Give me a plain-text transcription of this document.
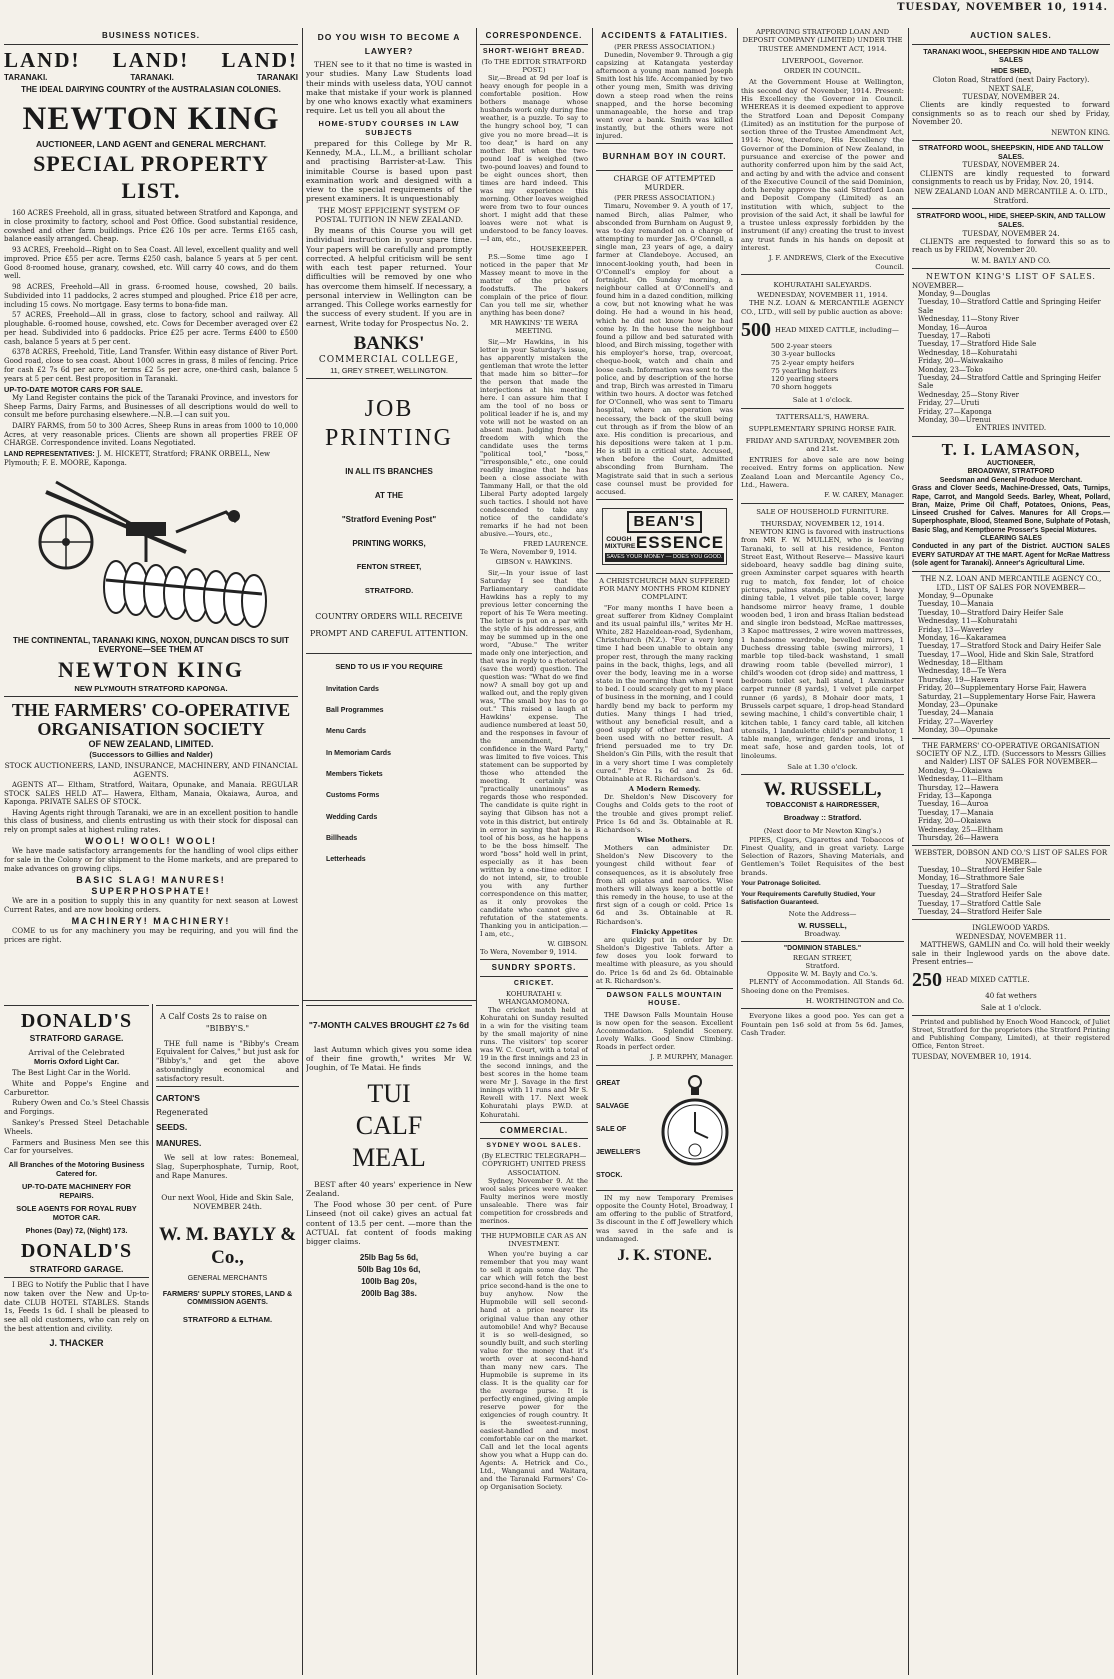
TUESDAY, NOVEMBER 10, 1914.
BUSINESS NOTICES.
LAND! LAND! LAND!
TARANAKI.	TARANAKI.	TARANAKI
THE IDEAL DAIRYING COUNTRY of the AUSTRALASIAN COLONIES.
NEWTON KING
AUCTIONEER, LAND AGENT and GENERAL MERCHANT.
SPECIAL PROPERTY LIST.

160 ACRES Freehold, all in grass, situated between Stratford and Kaponga, and in close proximity to factory, school and Post Office. Good substantial residence, cowshed and other farm buildings. Price £26 10s per acre. Terms £165 cash, balance easily arranged. Cheap.

93 ACRES, Freehold—Right on to Sea Coast. All level, excellent quality and well improved. Price £55 per acre. Terms £250 cash, balance 5 years at 5 per cent. Good 8-roomed house, granary, cowshed, etc. Will carry 40 cows, and do them well.

98 ACRES, Freehold—All in grass. 6-roomed house, cowshed, 20 bails. Subdivided into 11 paddocks, 2 acres stumped and ploughed. Price £18 per acre, including 15 cows. No mortgage. Easy terms to bona-fide man.

57 ACRES, Freehold—All in grass, close to factory, school and railway. All ploughable. 6-roomed house, cowshed, etc. Cows for December averaged over £2 per head. Subdivided into 6 paddocks. Price £25 per acre. Terms £400 to £500 cash, balance 5 years at 5 per cent.

6378 ACRES, Freehold, Title, Land Transfer. Within easy distance of River Port. Good road, close to sea coast. About 1000 acres in grass, 8 miles of fencing. Price for cash £2 7s 6d per acre, or terms £2 5s per acre, one-third cash, balance 5 years at 5 per cent. Best proposition in Taranaki.

UP-TO-DATE MOTOR CARS FOR SALE.

My Land Register contains the pick of the Taranaki Province, and investors for Sheep Farms, Dairy Farms, and Businesses of all descriptions would do well to consult me before purchasing elsewhere.—N.B.—I can suit you.

DAIRY FARMS, from 50 to 300 Acres, Sheep Runs in areas from 1000 to 10,000 Acres, at very reasonable prices. Clients are shown all properties FREE OF CHARGE. Correspondence invited. Loans Negotiated.

LAND REPRESENTATIVES: J. M. HICKETT, Stratford; FRANK ORBELL, New Plymouth; F. E. MOORE, Kaponga.
THE CONTINENTAL, TARANAKI KING, NOXON, DUNCAN DISCS TO SUIT EVERYONE—SEE THEM AT
NEWTON KING
NEW PLYMOUTH STRATFORD KAPONGA.
THE FARMERS' CO-OPERATIVE ORGANISATION SOCIETY
OF NEW ZEALAND, LIMITED.
(Successors to Gillies and Nalder)
STOCK AUCTIONEERS, LAND, INSURANCE, MACHINERY, AND FINANCIAL AGENTS.

AGENTS AT— Eltham, Stratford, Waitara, Opunake, and Manaia. REGULAR STOCK SALES HELD AT— Hawera, Eltham, Manaia, Okaiawa, Auroa, and Kaponga. PRIVATE SALES OF STOCK.

Having Agents right through Taranaki, we are in an excellent position to handle this class of business, and clients entrusting us with their stock for disposal can rely on prompt sales at highest ruling rates.

WOOL! WOOL! WOOL!

We have made satisfactory arrangements for the handling of wool clips either for sale in the Colony or for shipment to the Home markets, and are prepared to make advances on growing clips.

BASIC SLAG! MANURES!
SUPERPHOSPHATE!

We are in a position to supply this in any quantity for next season at Lowest Current Rates, and are now booking orders.

MACHINERY! MACHINERY!

COME to us for any machinery you may be requiring, and you will find the prices are right.

DONALD'S
STRATFORD GARAGE.
Arrival of the Celebrated
Morris Oxford Light Car.

The Best Light Car in the World.

White and Poppe's Engine and Carburettor.

Rubery Owen and Co.'s Steel Chassis and Forgings.

Sankey's Pressed Steel Detachable Wheels.

Farmers and Business Men see this Car for yourselves.

All Branches of the Motoring Business Catered for.
UP-TO-DATE MACHINERY FOR REPAIRS.
SOLE AGENTS FOR ROYAL RUBY MOTOR CAR.
Phones (Day) 72, (Night) 173.
DONALD'S
STRATFORD GARAGE.

I BEG to Notify the Public that I have now taken over the New and Up-to-date CLUB HOTEL STABLES. Stands 1s, Feeds 1s 6d. I shall be pleased to see all old customers, who can rely on the best attention and civility.

J. THACKER
A Calf Costs 2s to raise on
"BIBBY'S."

THE full name is "Bibby's Cream Equivalent for Calves," but just ask for "Bibby's," and get the above astoundingly economical and satisfactory result.

CARTON'S
Regenerated
SEEDS.
MANURES.

We sell at low rates: Bonemeal, Slag, Superphosphate, Turnip, Root, and Rape Manures.

Our next Wool, Hide and Skin Sale, NOVEMBER 24th.
W. M. BAYLY & Co.,
GENERAL MERCHANTS
FARMERS' SUPPLY STORES, LAND & COMMISSION AGENTS.
STRATFORD & ELTHAM.
DO YOU WISH TO BECOME A LAWYER?

THEN see to it that no time is wasted in your studies. Many Law Students load their minds with useless data, YOU cannot make that mistake if your work is planned by one who knows exactly what examiners require. Let us tell you all about the

HOME-STUDY COURSES IN LAW SUBJECTS

prepared for this College by Mr R. Kennedy, M.A., LL.M., a brilliant scholar and practising Barrister-at-Law. This inimitable Course is based upon past examination work and designed with a view to the special requirements of the present examiners. It is unquestionably

THE MOST EFFICIENT SYSTEM OF POSTAL TUITION IN NEW ZEALAND.

By means of this Course you will get individual instruction in your spare time. Your papers will be carefully and promptly corrected. A helpful criticism will be sent with each test paper returned. Your difficulties will be removed by one who has overcome them himself. If necessary, a personal interview in Wellington can be arranged. This College works earnestly for the success of every student. If you are in earnest, Write today for Prospectus No. 2.

BANKS'
COMMERCIAL COLLEGE,
11, GREY STREET, WELLINGTON.
JOB
PRINTING
IN ALL ITS BRANCHES
AT THE
"Stratford Evening Post"
PRINTING WORKS,
FENTON STREET,
STRATFORD.
COUNTRY ORDERS WILL RECEIVE PROMPT AND CAREFUL ATTENTION.
SEND TO US IF YOU REQUIRE
Invitation Cards
Ball Programmes
Menu Cards
In Memoriam Cards
Members Tickets
Customs Forms
Wedding Cards
Billheads
Letterheads
"7-MONTH CALVES BROUGHT £2 7s 6d

last Autumn which gives you some idea of their fine growth," writes Mr W. Joughin, of Te Matai. He finds

TUI
CALF
MEAL

BEST after 40 years' experience in New Zealand.

The Food whose 30 per cent. of Pure Linseed (not oil cake) gives an actual fat content of 13.5 per cent. —more than the ACTUAL fat content of foods making bigger claims.

25lb Bag 5s 6d,
50lb Bag 10s 6d,
100lb Bag 20s,
200lb Bag 38s.
CORRESPONDENCE.
SHORT-WEIGHT BREAD.
(To THE EDITOR STRATFORD POST.)

Sir,—Bread at 9d per loaf is heavy enough for people in a comfortable position. How bothers manage whose husbands work only during fine weather, is a puzzle. To say to the hungry school boy, "I can give you no more bread—it is too dear," is hard on any mother. But when the two-pound loaf is weighed (two two-pound loaves) and found to be eight ounces short, then times are hard indeed. This was my experience this morning. Other loaves weighed were from two to four ounces short. I might add that these loaves were not what is understood to be fancy loaves.—I am, etc.,

HOUSEKEEPER.

P.S.—Some time ago I noticed in the paper that Mr Massey meant to move in the matter of the price of foodstuffs. The bakers complain of the price of flour. Can you tell me sir, whether anything has been done?

MR HAWKINS' TE WERA MEETING.

Sir,—Mr Hawkins, in his letter in your Saturday's issue, has apparently mistaken the gentleman that wrote the letter that made him so bitter—for the person that made the interjections at his meeting here. I can assure him that I am the tool of no boss or political leader if he is, and my vote will not be wasted on an absent man. Judging from the freedom with which the candidate uses the terms "political tool," "boss," "irresponsible," etc., one could readily imagine that he has been a close associate with Tammany Hall, or that the old Liberal Party adopted largely such tactics. I should not have condescended to take any notice of the candidate's remarks if he had not been abusive.—Yours, etc.,

FRED LAURENCE.
Te Wera, November 9, 1914.
GIBSON v. HAWKINS.

Sir,—In your issue of last Saturday I see that the Parliamentary candidate Hawkins has a reply to my previous letter concerning the report of his Te Wera meeting. The letter is put on a par with the style of his addresses, and may be summed up in the one word, "Abuse." The writer made only one interjection, and that was in reply to a rhetorical (save the word) question. The question was: "What do we find now? A small boy got up and walked out, and the reply given was, "The small boy has to go out." This raised a laugh at Hawkins' expense. The audience numbered at least 50, and the responses in favour of the amendment, "and confidence in the Ward Party," was limited to five voices. This statement can be supported by those who attended the meeting. It certainly was "practically unanimous" as regards those who responded. The candidate is quite right in saying that Gibson has not a vote in this district, but entirely in error in saying that he is a tool of his boss, as he happens to be the boss himself. The word "boss" hold well in print, especially as it has been written by a one-time editor. I do not intend, sir, to trouble you with any further correspondence on this matter, as it only provokes the candidate who cannot give a refutation of the statements. Thanking you in anticipation.—I am, etc.,

W. GIBSON.
To Wera, November 9, 1914.
SUNDRY SPORTS.
CRICKET.
KOHURATAHI v. WHANGAMOMONA.

The cricket match held at Kohuratahi on Sunday resulted in a win for the visiting team by the small majority of nine runs. The visitors' top scorer was W. C. Court, with a total of 19 in the first innings and 23 in the second innings, and the best scores in the home team were Mr J. Savage in the first innings with 11 runs and Mr S. Rewell with 17. Next week Kohuratahi plays P.W.D. at Kohuratahi.

COMMERCIAL.
SYDNEY WOOL SALES.
(By ELECTRIC TELEGRAPH—COPYRIGHT) UNITED PRESS ASSOCIATION.

Sydney, November 9. At the wool sales prices were weaker. Faulty merinos were mostly unsaleable. There was fair competition for crossbreds and merinos.

THE HUPMOBILE CAR AS AN INVESTMENT.

When you're buying a car remember that you may want to sell it again some day. The car which will fetch the best price second-hand is the one to buy anyhow. Now the Hupmobile will sell second-hand at a price nearer its original value than any other automobile! And why? Because it is so well-designed, so soundly built, and such sterling value for the money that it's worth over at second-hand than many new cars. The Hupmobile is supreme in its class. It is the quality car for the average purse. It is perfectly engined, giving ample reserve power for the exigencies of rough country. It is the sweetest-running, easiest-handled and most comfortable car on the market. Call and let the local agents show you what a Hupp can do. Agents: A. Hetrick and Co., Ltd., Wanganui and Waitara, and the Taranaki Farmers' Co-op Organisation Society.

ACCIDENTS & FATALITIES.
(PER PRESS ASSOCIATION.)

Dunedin, November 9. Through a gig capsizing at Katangata yesterday afternoon a young man named Joseph Smith lost his life. Accompanied by two other young men, Smith was driving down a steep road when the reins snapped, and the horse becoming unmanageable, the horse and trap went over a bank. Smith was killed instantly, but the others were not injured.

BURNHAM BOY IN COURT.
CHARGE OF ATTEMPTED MURDER.
(PER PRESS ASSOCIATION.)

Timaru, November 9. A youth of 17, named Birch, alias Palmer, who absconded from Burnham on August 9, was to-day remanded on a charge of attempting to murder Jas. O'Connell, a single man, 23 years of age, a dairy farmer at Clandeboye. Accused, an innocent-looking youth, had been in O'Connell's employ for about a fortnight. On Sunday morning, a neighbour called at O'Connell's and found him in a dazed condition, milking a cow, but not knowing what he was doing. He had a wound in his head, which he did not know how he had come by. In the house the neighbour found a pillow and bed saturated with blood, and Birch missing, together with his employer's horse, trap, overcoat, cheque-book, watch and chain and loose cash. Information was sent to the police, and by description of the horse and trap, Birch was arrested in Timaru within two hours. A doctor was fetched for O'Connell, who was sent to Timaru hospital, where an operation was necessary, the back of the skull being cut through as if from the blow of an axe. His condition is precarious, and his depositions were taken at 1 p.m. He is still in a critical state. Accused, when before the Court, admitted absconding from Burnham. The Magistrate said that in such a serious case counsel must be provided for accused.

BEAN'S
COUGH MIXTURE ESSENCE
SAVES YOUR MONEY — DOES YOU GOOD.
A CHRISTCHURCH MAN SUFFERED FOR MANY MONTHS FROM KIDNEY COMPLAINT.

"For many months I have been a great sufferer from Kidney Complaint and its usual painful ills," writes Mr H. White, 282 Hazeldean-road, Sydenham, Christchurch (N.Z.). "For a very long time I had been unable to obtain any proper rest, through the many racking pains in the back, thighs, legs, and all over the body, leaving me in a worse state in the morning than when I went to bed. I could scarcely get to my place of business in the morning, and I could hardly bend my back to perform my duties. Many things I had tried, without any beneficial result, and a good supply of other remedies, had been used with no better result. A friend persuaded me to try Dr. Sheldon's Gin Pills, with the result that in a very short time I was completely cured." Price 1s 6d and 2s 6d. Obtainable at R. Richardson's.

A Modern Remedy.

Dr. Sheldon's New Discovery for Coughs and Colds gets to the root of the trouble and gives prompt relief. Price 1s 6d and 3s. Obtainable at R. Richardson's.

Wise Mothers.

Mothers can administer Dr. Sheldon's New Discovery to the youngest child without fear of consequences, as it is absolutely free from all opiates and narcotics. Wise mothers will always keep a bottle of this remedy in the house, to use at the first sign of a cough or cold. Price 1s 6d and 3s. Obtainable at R. Richardson's.

Finicky Appetites

are quickly put in order by Dr. Sheldon's Digestive Tablets. After a few doses you look forward to mealtime with pleasure, as you should do. Price 1s 6d and 2s 6d. Obtainable at R. Richardson's.

DAWSON FALLS MOUNTAIN HOUSE.

THE Dawson Falls Mountain House is now open for the season. Excellent Accommodation. Splendid Scenery. Lovely Walks. Good Snow Climbing. Roads in perfect order.

J. P. MURPHY, Manager.
GREAT
SALVAGE
SALE OF
JEWELLER'S
STOCK.

IN my new Temporary Premises opposite the County Hotel, Broadway, I am offering to the public of Stratford, 3s discount in the £ off Jewellery which was saved in the safe and is undamaged.

J. K. STONE.
APPROVING STRATFORD LOAN AND DEPOSIT COMPANY (LIMITED) UNDER THE TRUSTEE AMENDMENT ACT, 1914.
LIVERPOOL, Governor.
ORDER IN COUNCIL.

At the Government House at Wellington, this second day of November, 1914. Present: His Excellency the Governor in Council. WHEREAS it is deemed expedient to approve the Stratford Loan and Deposit Company (Limited) as an institution for the purpose of section three of the Trustee Amendment Act, 1914: Now, therefore, His Excellency the Governor of the Dominion of New Zealand, in pursuance and exercise of the power and authority conferred upon him by the said Act, and acting by and with the advice and consent of the Executive Council of the said Dominion, doth hereby approve the said Stratford Loan and Deposit Company (Limited) as an institution with which, subject to the provision of the said Act, it shall be lawful for a trustee unless expressly forbidden by the instrument (if any) creating the trust to invest any trust funds in his hands on deposit at interest.

J. F. ANDREWS, Clerk of the Executive Council.
KOHURATAHI SALEYARDS.
WEDNESDAY, NOVEMBER 11, 1914.

THE N.Z. LOAN & MERCANTILE AGENCY CO., LTD., will sell by public auction as above:

500 HEAD MIXED CATTLE, including—
500 2-year steers
30 3-year bullocks
75 2-year empty heifers
75 yearling heifers
120 yearling steers
70 shorn hoggets
Sale at 1 o'clock.
TATTERSALL'S, HAWERA.
SUPPLEMENTARY SPRING HORSE FAIR.
FRIDAY AND SATURDAY, NOVEMBER 20th and 21st.

ENTRIES for above sale are now being received. Entry forms on application. New Zealand Loan and Mercantile Agency Co., Ltd., Hawera.

F. W. CAREY, Manager.
SALE OF HOUSEHOLD FURNITURE.
THURSDAY, NOVEMBER 12, 1914.

NEWTON KING is favored with instructions from MR F. W. MULLEN, who is leaving Taranaki, to sell at his residence, Fenton Street East, Without Reserve— Massive kauri sideboard, heavy saddle bag dining suite, green Axminster carpet squares with hearth rug to match, fox fender, lot of choice pictures, palms stands, pot plants, 1 heavy dining table, 1 velvet pile table cover, large handsome mirror heavy frame, 1 double wooden bed, 1 iron and brass Italian bedstead and single iron bedstead, McRae mattresses, 3 Kapoc mattresses, 2 wire woven mattresses, 1 handsome wardrobe, bevelled mirrors, 1 Duchess dressing table (swing mirrors), 1 marble top tiled-back washstand, 1 small drawing room table (bevelled mirror), 1 child's wooden cot (drop side) and mattress, 1 bedroom toilet set, hall stand, 1 Axminster carpet runner (8 yards), 1 velvet pile carpet runner (6 yards), 8 Mohair door mats, 1 Brussels carpet square, 1 drop-head Standard sewing machine, 1 child's convertible chair, 1 kitchen table, 1 fancy card table, all kitchen utensils, 1 landaulette child's perambulator, 1 table mangle, wringer, fender and irons, 1 meat safe, hose and garden tools, lot of linoleums.

Sale at 1.30 o'clock.
W. RUSSELL,
TOBACCONIST & HAIRDRESSER,
Broadway :: Stratford.
(Next door to Mr Newton King's.)

PIPES, Cigars, Cigarettes and Tobaccos of Finest Quality, and in great variety. Large Selection of Razors, Shaving Materials, and Gentlemen's Toilet Requisites of the best brands.

Your Patronage Solicited.
Your Requirements Carefully Studied, Your Satisfaction Guaranteed.
Note the Address—
W. RUSSELL,
Broadway.
"DOMINION STABLES."
REGAN STREET,
Stratford.
Opposite W. M. Bayly and Co.'s.

PLENTY of Accommodation. All Stands 6d. Shoeing done on the Premises.

H. WORTHINGTON and Co.

Everyone likes a good poo. Yes can get a Fountain pen 1s6 sold at from 5s 6d. James, Cash Trader.

AUCTION SALES.
TARANAKI WOOL, SHEEPSKIN HIDE AND TALLOW SALES
HIDE SHED,
Cloton Road, Stratford (next Dairy Factory).
NEXT SALE,
TUESDAY, NOVEMBER 24.

Clients are kindly requested to forward consignments so as to reach our shed by Friday, November 20.

NEWTON KING.
STRATFORD WOOL, SHEEPSKIN, HIDE AND TALLOW SALES.
TUESDAY, NOVEMBER 24.

CLIENTS are kindly requested to forward consignments to reach us by Friday, Nov. 20, 1914.

NEW ZEALAND LOAN AND MERCANTILE A. O. LTD., Stratford.
STRATFORD WOOL, HIDE, SHEEP-SKIN, AND TALLOW SALES.
TUESDAY, NOVEMBER 24.

CLIENTS are requested to forward this so as to reach us by FRIDAY, November 20.

W. M. BAYLY AND CO.
NEWTON KING'S LIST OF SALES.
NOVEMBER—
Monday, 9—Douglas
Tuesday, 10—Stratford Cattle and Springing Heifer Sale
Wednesday, 11—Stony River
Monday, 16—Auroa
Tuesday, 17—Raboti
Tuesday, 17—Stratford Hide Sale
Wednesday, 18—Kohuratahi
Friday, 20—Waiwakaiho
Monday, 23—Toko
Tuesday, 24—Stratford Cattle and Springing Heifer Sale
Wednesday, 25—Stony River
Friday, 27—Uruti
Friday, 27—Kaponga
Monday, 30—Urenui
ENTRIES INVITED.
T. I. LAMASON,
AUCTIONEER,
BROADWAY, STRATFORD
Seedsman and General Produce Merchant.
Grass and Clover Seeds, Machine-Dressed, Oats, Turnips, Rape, Carrot, and Mangold Seeds. Barley, Wheat, Pollard, Bran, Maize, Prime Oil Chaff, Potatoes, Onions, Peas, Linseed Crushed for Calves. Manures for All Crops.—Superphosphate, Blood, Steamed Bone, Sulphate of Potash, Basic Slag, and Kemptborne Prosser's Special Mixtures.
CLEARING SALES
Conducted in any part of the District. AUCTION SALES EVERY SATURDAY AT THE MART. Agent for McRae Mattress (sole agent for Taranaki). Anneer's Agricultural Lime.
THE N.Z. LOAN AND MERCANTILE AGENCY CO., LTD., LIST OF SALES FOR NOVEMBER—
Monday, 9—Opunake
Tuesday, 10—Manaia
Tuesday, 10—Stratford Dairy Heifer Sale
Wednesday, 11—Kohuratahi
Friday, 13—Waverley
Monday, 16—Kakaramea
Tuesday, 17—Stratford Stock and Dairy Heifer Sale
Tuesday, 17—Wool, Hide and Skin Sale, Stratford
Wednesday, 18—Eltham
Wednesday, 18—Te Wera
Thursday, 19—Hawera
Friday, 20—Supplementary Horse Fair, Hawera
Saturday, 21—Supplementary Horse Fair, Hawera
Monday, 23—Opunake
Tuesday, 24—Manaia
Friday, 27—Waverley
Monday, 30—Opunake
THE FARMERS' CO-OPERATIVE ORGANISATION SOCIETY OF N.Z., LTD. (Successors to Messrs Gillies and Nalder) LIST OF SALES FOR NOVEMBER—
Monday, 9—Okaiawa
Wednesday, 11—Eltham
Thursday, 12—Hawera
Friday, 13—Kaponga
Tuesday, 16—Auroa
Tuesday, 17—Manaia
Friday, 20—Okaiawa
Wednesday, 25—Eltham
Thursday, 26—Hawera
WEBSTER, DOBSON AND CO.'S LIST OF SALES FOR NOVEMBER—
Tuesday, 10—Stratford Heifer Sale
Monday, 16—Strathmore Sale
Tuesday, 17—Stratford Sale
Tuesday, 24—Stratford Heifer Sale
Tuesday, 17—Stratford Cattle Sale
Tuesday, 24—Stratford Heifer Sale
INGLEWOOD YARDS.
WEDNESDAY, NOVEMBER 11.

MATTHEWS, GAMLIN and Co. will hold their weekly sale in their Inglewood yards on the above date. Present entries—

250 HEAD MIXED CATTLE.
40 fat wethers
Sale at 1 o'clock.

Printed and published by Enoch Wood Hancock, of Juliet Street, Stratford for the proprietors (the Stratford Printing and Publishing Company, Limited), at their registered Office, Fenton Street.

TUESDAY, NOVEMBER 10, 1914.
